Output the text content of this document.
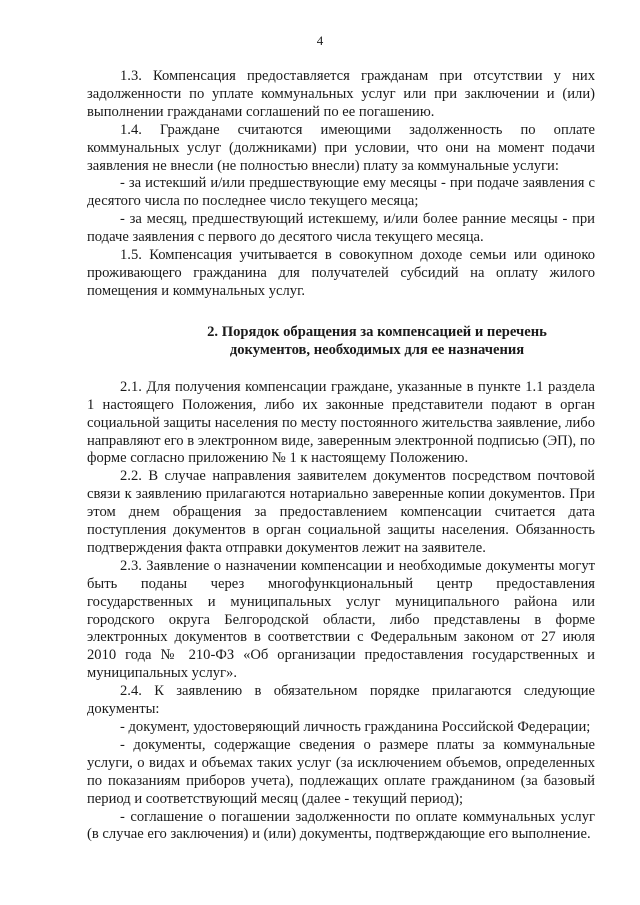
4

1.3. Компенсация предоставляется гражданам при отсутствии у них задолженности по уплате коммунальных услуг или при заключении и (или) выполнении гражданами соглашений по ее погашению.

1.4. Граждане считаются имеющими задолженность по оплате коммунальных услуг (должниками) при условии, что они на момент подачи заявления не внесли (не полностью внесли) плату за коммунальные услуги:

- за истекший и/или предшествующие ему месяцы - при подаче заявления с десятого числа по последнее число текущего месяца;

- за месяц, предшествующий истекшему, и/или более ранние месяцы - при подаче заявления с первого до десятого числа текущего месяца.

1.5. Компенсация учитывается в совокупном доходе семьи или одиноко проживающего гражданина для получателей субсидий на оплату жилого помещения и коммунальных услуг.

2. Порядок обращения за компенсацией и перечень
документов, необходимых для ее назначения

2.1. Для получения компенсации граждане, указанные в пункте 1.1 раздела 1 настоящего Положения, либо их законные представители подают в орган социальной защиты населения по месту постоянного жительства заявление, либо направляют его в электронном виде, заверенным электронной подписью (ЭП), по форме согласно приложению № 1 к настоящему Положению.

2.2. В случае направления заявителем документов посредством почтовой связи к заявлению прилагаются нотариально заверенные копии документов. При этом днем обращения за предоставлением компенсации считается дата поступления документов в орган социальной защиты населения. Обязанность подтверждения факта отправки документов лежит на заявителе.

2.3. Заявление о назначении компенсации и необходимые документы могут быть поданы через многофункциональный центр предоставления государственных и муниципальных услуг муниципального района или городского округа Белгородской области, либо представлены в форме электронных документов в соответствии с Федеральным законом от 27 июля 2010 года № 210-ФЗ «Об организации предоставления государственных и муниципальных услуг».

2.4. К заявлению в обязательном порядке прилагаются следующие документы:

- документ, удостоверяющий личность гражданина Российской Федерации;

- документы, содержащие сведения о размере платы за коммунальные услуги, о видах и объемах таких услуг (за исключением объемов, определенных по показаниям приборов учета), подлежащих оплате гражданином (за базовый период и соответствующий месяц (далее - текущий период);

- соглашение о погашении задолженности по оплате коммунальных услуг (в случае его заключения) и (или) документы, подтверждающие его выполнение.
